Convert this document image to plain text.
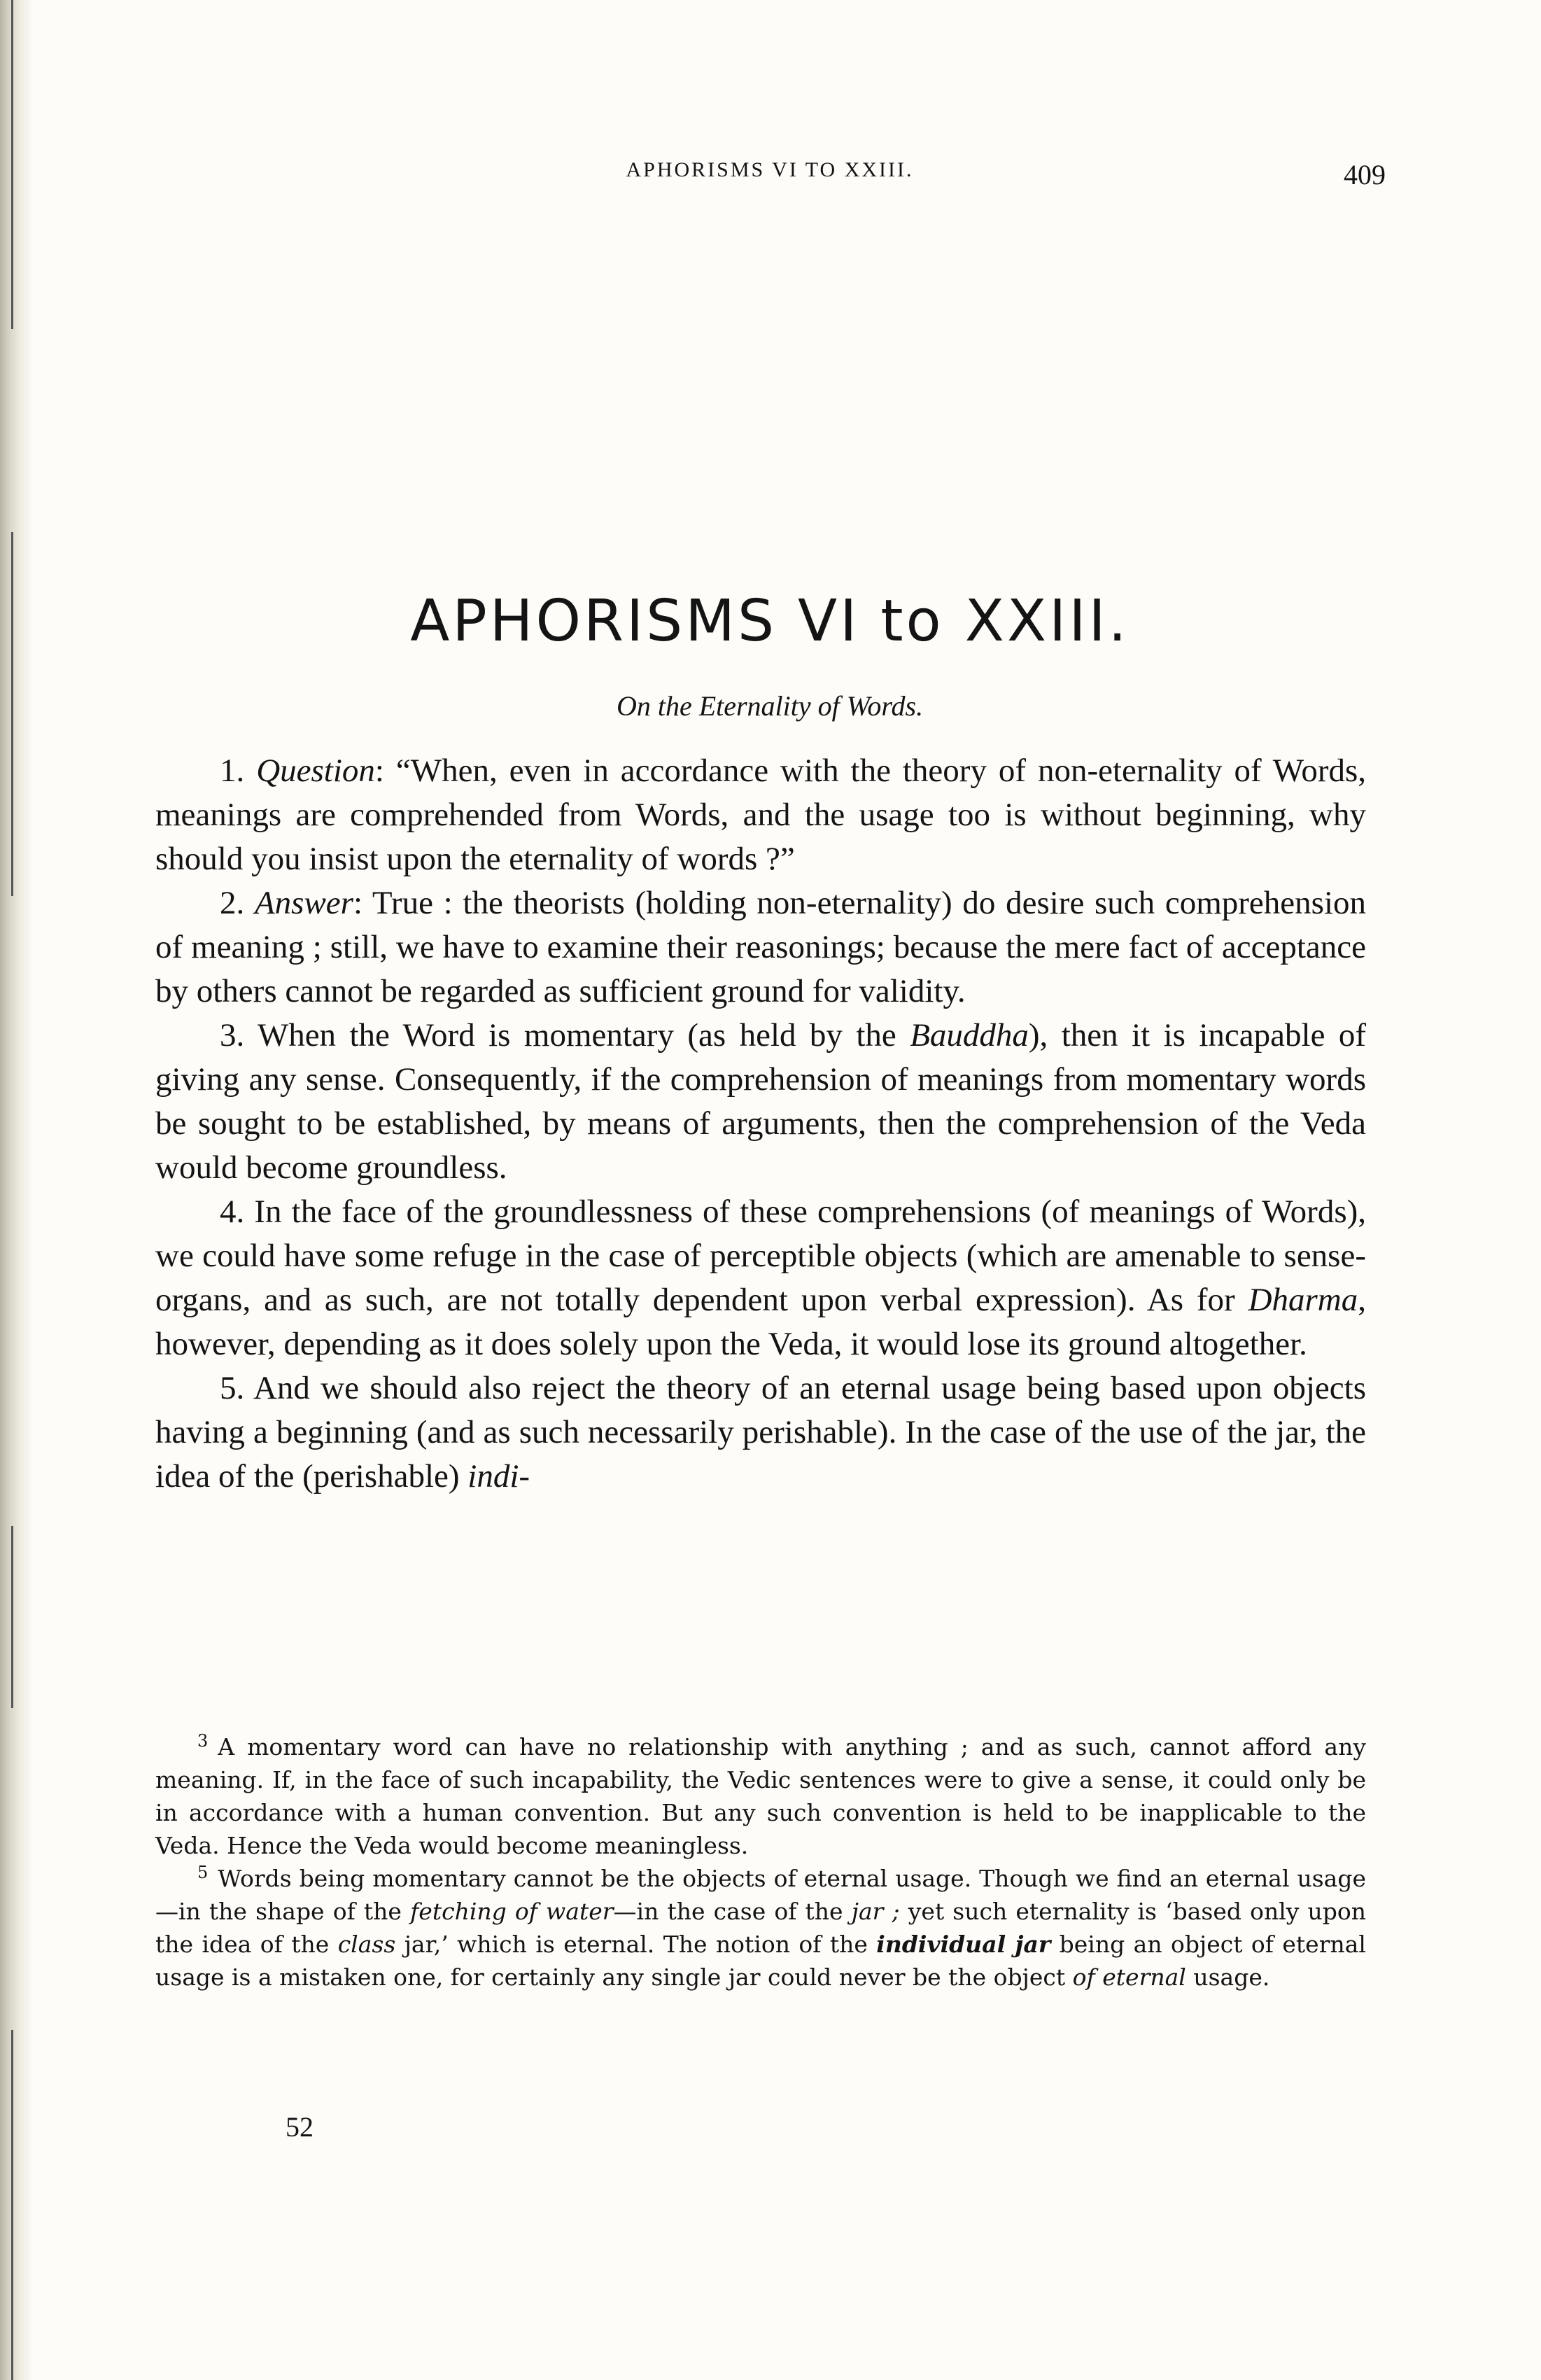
APHORISMS VI TO XXIII.	409
APHORISMS VI to XXIII.
On the Eternality of Words.

1. Question: “When, even in accordance with the theory of non-eternality of Words, meanings are comprehended from Words, and the usage too is without beginning, why should you insist upon the eternality of words ?”

2. Answer: True : the theorists (holding non-eternality) do desire such comprehension of meaning ; still, we have to examine their reasonings; because the mere fact of acceptance by others cannot be regarded as sufficient ground for validity.

3. When the Word is momentary (as held by the Bauddha), then it is incapable of giving any sense. Consequently, if the comprehension of meanings from momentary words be sought to be established, by means of arguments, then the comprehension of the Veda would become groundless.

4. In the face of the groundlessness of these comprehensions (of meanings of Words), we could have some refuge in the case of perceptible objects (which are amenable to sense-organs, and as such, are not totally dependent upon verbal expression). As for Dharma, however, depending as it does solely upon the Veda, it would lose its ground altogether.

5. And we should also reject the theory of an eternal usage being based upon objects having a beginning (and as such necessarily perishable). In the case of the use of the jar, the idea of the (perishable) indi-

$^3$ A momentary word can have no relationship with anything ; and as such, cannot afford any meaning. If, in the face of such incapability, the Vedic sentences were to give a sense, it could only be in accordance with a human convention. But any such convention is held to be inapplicable to the Veda. Hence the Veda would become meaningless.

$^5$ Words being momentary cannot be the objects of eternal usage. Though we find an eternal usage—in the shape of the fetching of water—in the case of the jar ; yet such eternality is ‘based only upon the idea of the class jar,’ which is eternal. The notion of the individual jar being an object of eternal usage is a mistaken one, for certainly any single jar could never be the object of eternal usage.

52
